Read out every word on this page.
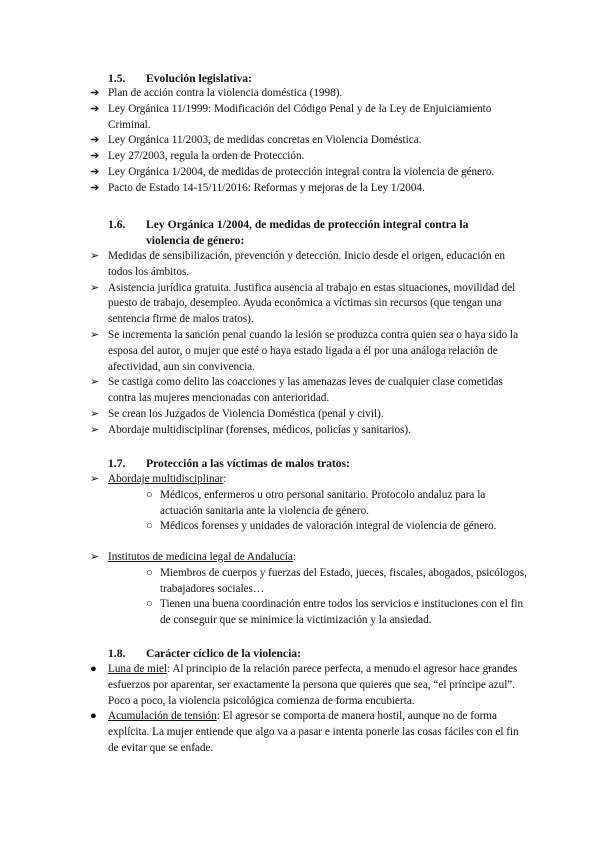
1.5. Evolución legislativa:
➔ Plan de acción contra la violencia doméstica (1998).
➔ Ley Orgánica 11/1999: Modificación del Código Penal y de la Ley de Enjuiciamiento Criminal.
➔ Ley Orgánica 11/2003, de medidas concretas en Violencia Doméstica.
➔ Ley 27/2003, regula la orden de Protección.
➔ Ley Orgánica 1/2004, de medidas de protección integral contra la violencia de género.
➔ Pacto de Estado 14-15/11/2016: Reformas y mejoras de la Ley 1/2004.
1.6. Ley Orgánica 1/2004, de medidas de protección integral contra la
violencia de género:
➢ Medidas de sensibilización, prevención y detección. Inicio desde el origen, educación en todos los ámbitos.
➢ Asistencia jurídica gratuita. Justifica ausencia al trabajo en estas situaciones, movilidad del puesto de trabajo, desempleo. Ayuda económica a víctimas sin recursos (que tengan una sentencia firme de malos tratos).
➢ Se incrementa la sanción penal cuando la lesión se produzca contra quien sea o haya sido la esposa del autor, o mujer que esté o haya estado ligada a él por una análoga relación de afectividad, aun sin convivencia.
➢ Se castiga como delito las coacciones y las amenazas leves de cualquier clase cometidas contra las mujeres mencionadas con anterioridad.
➢ Se crean los Juzgados de Violencia Doméstica (penal y civil).
➢ Abordaje multidisciplinar (forenses, médicos, policías y sanitarios).
1.7. Protección a las víctimas de malos tratos:
➢ Abordaje multidisciplinar:
○ Médicos, enfermeros u otro personal sanitario. Protocolo andaluz para la actuación sanitaria ante la violencia de género.
○ Médicos forenses y unidades de valoración integral de violencia de género.
➢ Institutos de medicina legal de Andalucía:
○ Miembros de cuerpos y fuerzas del Estado, jueces, fiscales, abogados, psicólogos, trabajadores sociales…
○ Tienen una buena coordinación entre todos los servicios e instituciones con el fin de conseguir que se minimice la victimización y la ansiedad.
1.8. Carácter cíclico de la violencia:
●	Luna de miel: Al principio de la relación parece perfecta, a menudo el agresor hace grandes esfuerzos por aparentar, ser exactamente la persona que quieres que sea, “el príncipe azul”. Poco a poco, la violencia psicológica comienza de forma encubierta.
●	Acumulación de tensión: El agresor se comporta de manera hostil, aunque no de forma explícita. La mujer entiende que algo va a pasar e intenta ponerle las cosas fáciles con el fin de evitar que se enfade.
